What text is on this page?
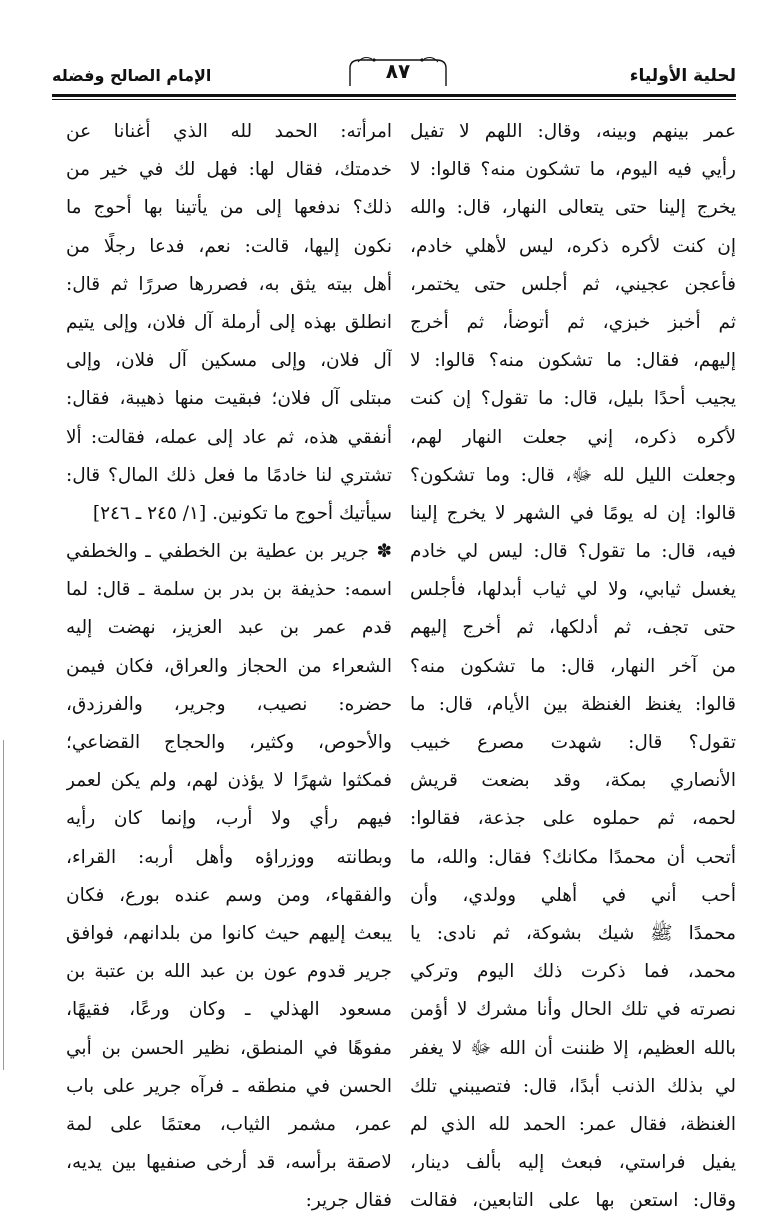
لحلية الأولياء
٨٧
الإمام الصالح وفضله
عمر بينهم وبينه، وقال: اللهم لا تفيل
رأيي فيه اليوم، ما تشكون منه؟ قالوا: لا
يخرج إلينا حتى يتعالى النهار، قال: والله
إن كنت لأكره ذكره، ليس لأهلي خادم،
فأعجن عجيني، ثم أجلس حتى يختمر،
ثم أخبز خبزي، ثم أتوضأ، ثم أخرج
إليهم، فقال: ما تشكون منه؟ قالوا: لا
يجيب أحدًا بليل، قال: ما تقول؟ إن كنت
لأكره ذكره، إني جعلت النهار لهم،
وجعلت الليل لله ﷻ، قال: وما تشكون؟
قالوا: إن له يومًا في الشهر لا يخرج إلينا
فيه، قال: ما تقول؟ قال: ليس لي خادم
يغسل ثيابي، ولا لي ثياب أبدلها، فأجلس
حتى تجف، ثم أدلكها، ثم أخرج إليهم
من آخر النهار، قال: ما تشكون منه؟
قالوا: يغنظ الغنظة بين الأيام، قال: ما
تقول؟ قال: شهدت مصرع خبيب
الأنصاري بمكة، وقد بضعت قريش
لحمه، ثم حملوه على جذعة، فقالوا:
أتحب أن محمدًا مكانك؟ فقال: والله، ما
أحب أني في أهلي وولدي، وأن
محمدًا ﷺ شيك بشوكة، ثم نادى: يا
محمد، فما ذكرت ذلك اليوم وتركي
نصرته في تلك الحال وأنا مشرك لا أؤمن
بالله العظيم، إلا ظننت أن الله ﷻ لا يغفر
لي بذلك الذنب أبدًا، قال: فتصيبني تلك
الغنظة، فقال عمر: الحمد لله الذي لم
يفيل فراستي، فبعث إليه بألف دينار،
وقال: استعن بها على التابعين، فقالت
امرأته: الحمد لله الذي أغنانا عن
خدمتك، فقال لها: فهل لك في خير من
ذلك؟ ندفعها إلى من يأتينا بها أحوج ما
نكون إليها، قالت: نعم، فدعا رجلًا من
أهل بيته يثق به، فصررها صررًا ثم قال:
انطلق بهذه إلى أرملة آل فلان، وإلى يتيم
آل فلان، وإلى مسكين آل فلان، وإلى
مبتلى آل فلان؛ فبقيت منها ذهيبة، فقال:
أنفقي هذه، ثم عاد إلى عمله، فقالت: ألا
تشتري لنا خادمًا ما فعل ذلك المال؟ قال:
سيأتيك أحوج ما تكونين. [١/ ٢٤٥ ـ ٢٤٦]
✽ جرير بن عطية بن الخطفي ـ والخطفي
اسمه: حذيفة بن بدر بن سلمة ـ قال: لما
قدم عمر بن عبد العزيز، نهضت إليه
الشعراء من الحجاز والعراق، فكان فيمن
حضره: نصيب، وجرير، والفرزدق،
والأحوص، وكثير، والحجاج القضاعي؛
فمكثوا شهرًا لا يؤذن لهم، ولم يكن لعمر
فيهم رأي ولا أرب، وإنما كان رأيه
وبطانته ووزراؤه وأهل أربه: القراء،
والفقهاء، ومن وسم عنده بورع، فكان
يبعث إليهم حيث كانوا من بلدانهم، فوافق
جرير قدوم عون بن عبد الله بن عتبة بن
مسعود الهذلي ـ وكان ورعًا، فقيهًا،
مفوهًا في المنطق، نظير الحسن بن أبي
الحسن في منطقه ـ فرآه جرير على باب
عمر، مشمر الثياب، معتمًا على لمة
لاصقة برأسه، قد أرخى صنفيها بين يديه،
فقال جرير:
